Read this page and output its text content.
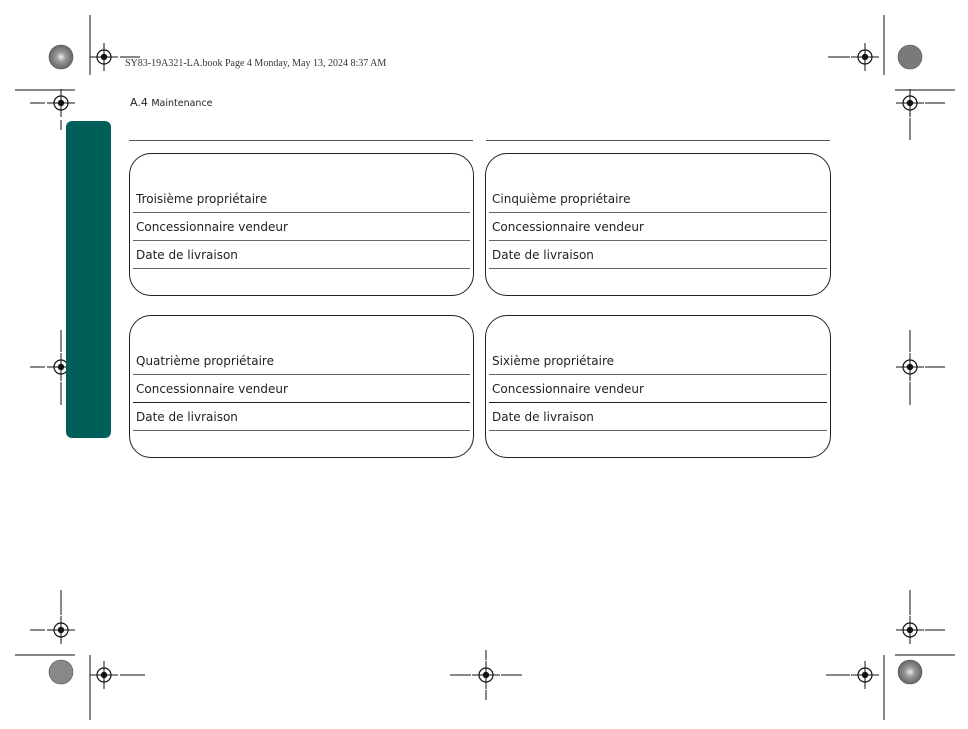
SY83-19A321-LA.book Page 4 Monday, May 13, 2024 8:37 AM
A.4 Maintenance
Troisième propriétaire
Concessionnaire vendeur
Date de livraison
Cinquième propriétaire
Concessionnaire vendeur
Date de livraison
Quatrième propriétaire
Concessionnaire vendeur
Date de livraison
Sixième propriétaire
Concessionnaire vendeur
Date de livraison
